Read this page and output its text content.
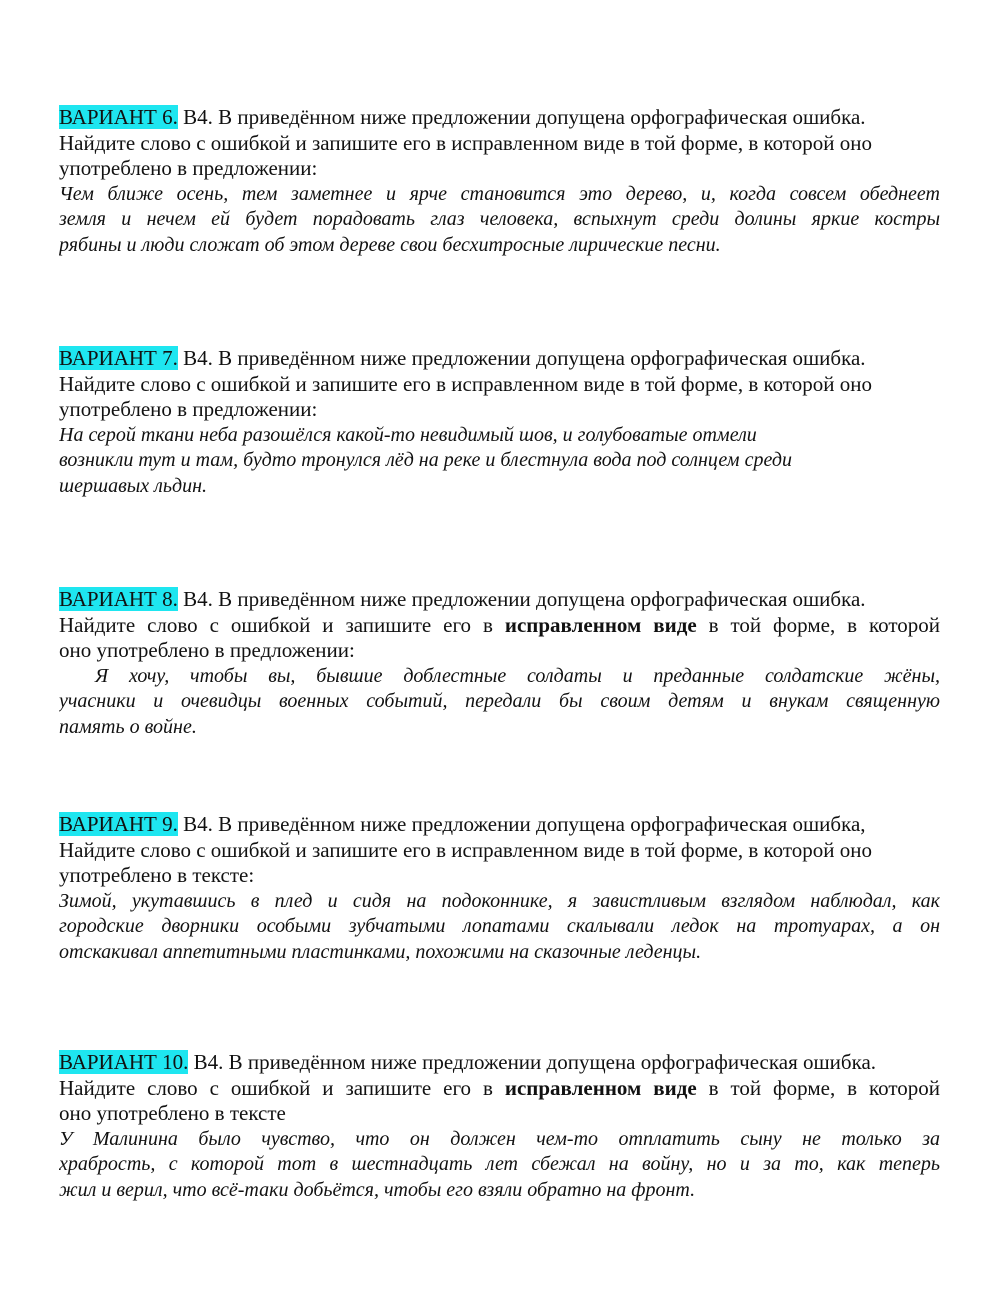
ВАРИАНТ 6. В4. В приведённом ниже предложении допущена орфографическая ошибка.
Найдите слово с ошибкой и запишите его в исправленном виде в той форме, в которой оно
употреблено в предложении:
Чем ближе осень, тем заметнее и ярче становится это дерево, и, когда совсем обеднеет
земля и нечем ей будет порадовать глаз человека, вспыхнут среди долины яркие костры
рябины и люди сложат об этом дереве свои бесхитросные лирические песни.
ВАРИАНТ 7. В4. В приведённом ниже предложении допущена орфографическая ошибка.
Найдите слово с ошибкой и запишите его в исправленном виде в той форме, в которой оно
употреблено в предложении:
На серой ткани неба разошёлся какой-то невидимый шов, и голубоватые отмели
возникли тут и там, будто тронулся лёд на реке и блестнула вода под солнцем среди
шершавых льдин.
ВАРИАНТ 8. В4. В приведённом ниже предложении допущена орфографическая ошибка.
Найдите слово с ошибкой и запишите его в исправленном виде в той форме, в которой
оно употреблено в предложении:
Я хочу, чтобы вы, бывшие доблестные солдаты и преданные солдатские жёны,
учасники и очевидцы военных событий, передали бы своим детям и внукам священную
память о войне.
ВАРИАНТ 9. В4. В приведённом ниже предложении допущена орфографическая ошибка,
Найдите слово с ошибкой и запишите его в исправленном виде в той форме, в которой оно
употреблено в тексте:
Зимой, укутавшись в плед и сидя на подоконнике, я завистливым взглядом наблюдал, как
городские дворники особыми зубчатыми лопатами скалывали ледок на тротуарах, а он
отскакивал аппетитными пластинками, похожими на сказочные леденцы.
ВАРИАНТ 10. В4. В приведённом ниже предложении допущена орфографическая ошибка.
Найдите слово с ошибкой и запишите его в исправленном виде в той форме, в которой
оно употреблено в тексте
У Малинина было чувство, что он должен чем-то отплатить сыну не только за
храбрость, с которой тот в шестнадцать лет сбежал на войну, но и за то, как теперь
жил и верил, что всё-таки добьётся, чтобы его взяли обратно на фронт.
